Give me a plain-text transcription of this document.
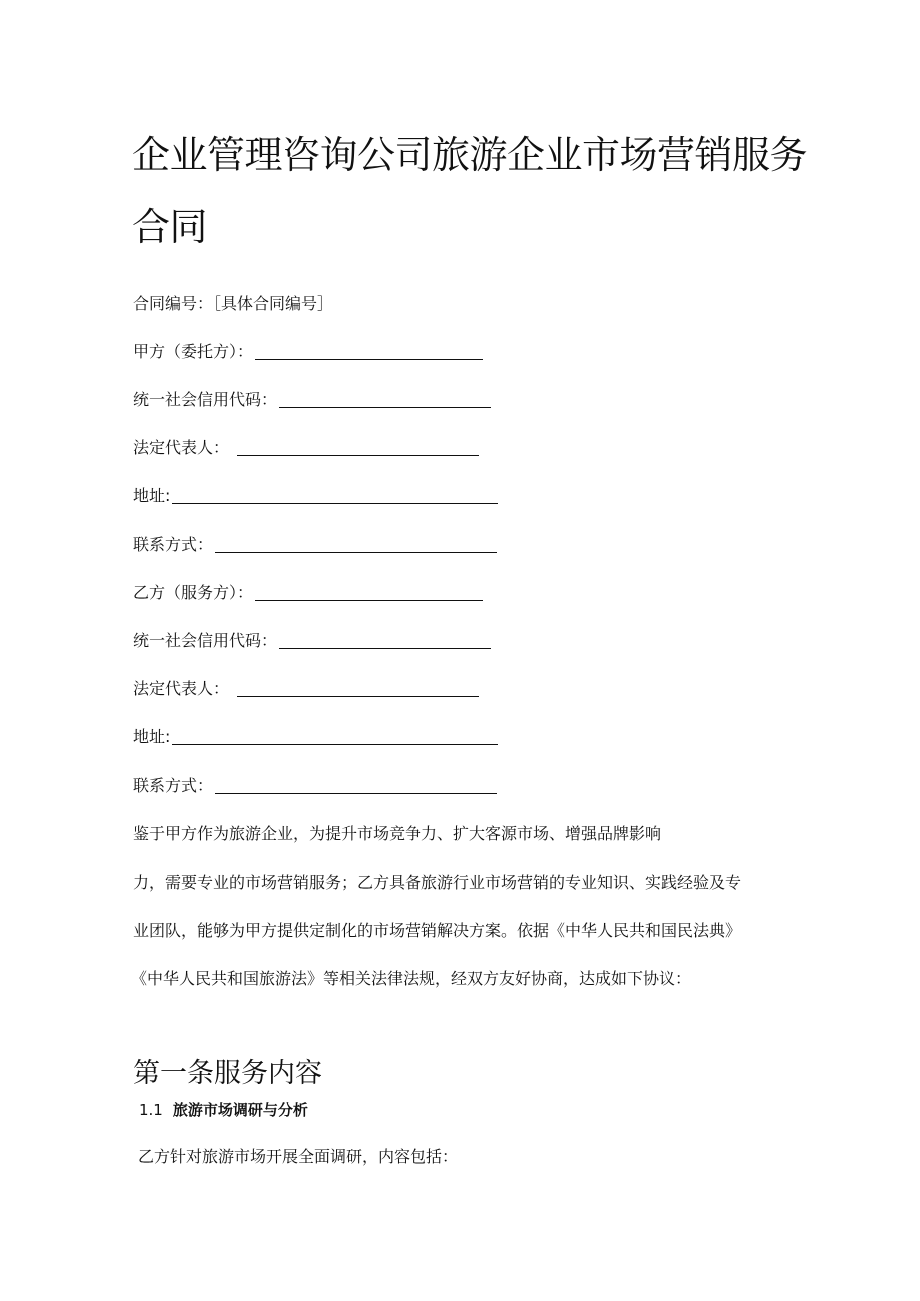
企业管理咨询公司旅游企业市场营销服务
合同
合同编号：［具体合同编号］
甲方（委托方）：
统一社会信用代码：
法定代表人：
地址:
联系方式：
乙方（服务方）：
统一社会信用代码：
法定代表人：
地址:
联系方式：
鉴于甲方作为旅游企业，为提升市场竞争力、扩大客源市场、增强品牌影响
力，需要专业的市场营销服务；乙方具备旅游行业市场营销的专业知识、实践经验及专
业团队，能够为甲方提供定制化的市场营销解决方案。依据《中华人民共和国民法典》
《中华人民共和国旅游法》等相关法律法规，经双方友好协商，达成如下协议：
第一条服务内容
1.1 旅游市场调研与分析
乙方针对旅游市场开展全面调研，内容包括：
